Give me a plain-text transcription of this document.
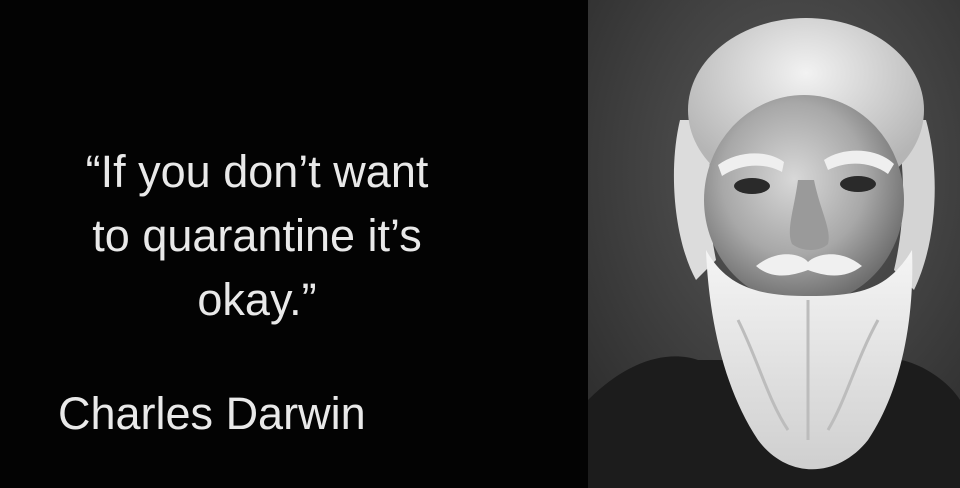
“If you don’t want
to quarantine it’s
okay.”

Charles Darwin
